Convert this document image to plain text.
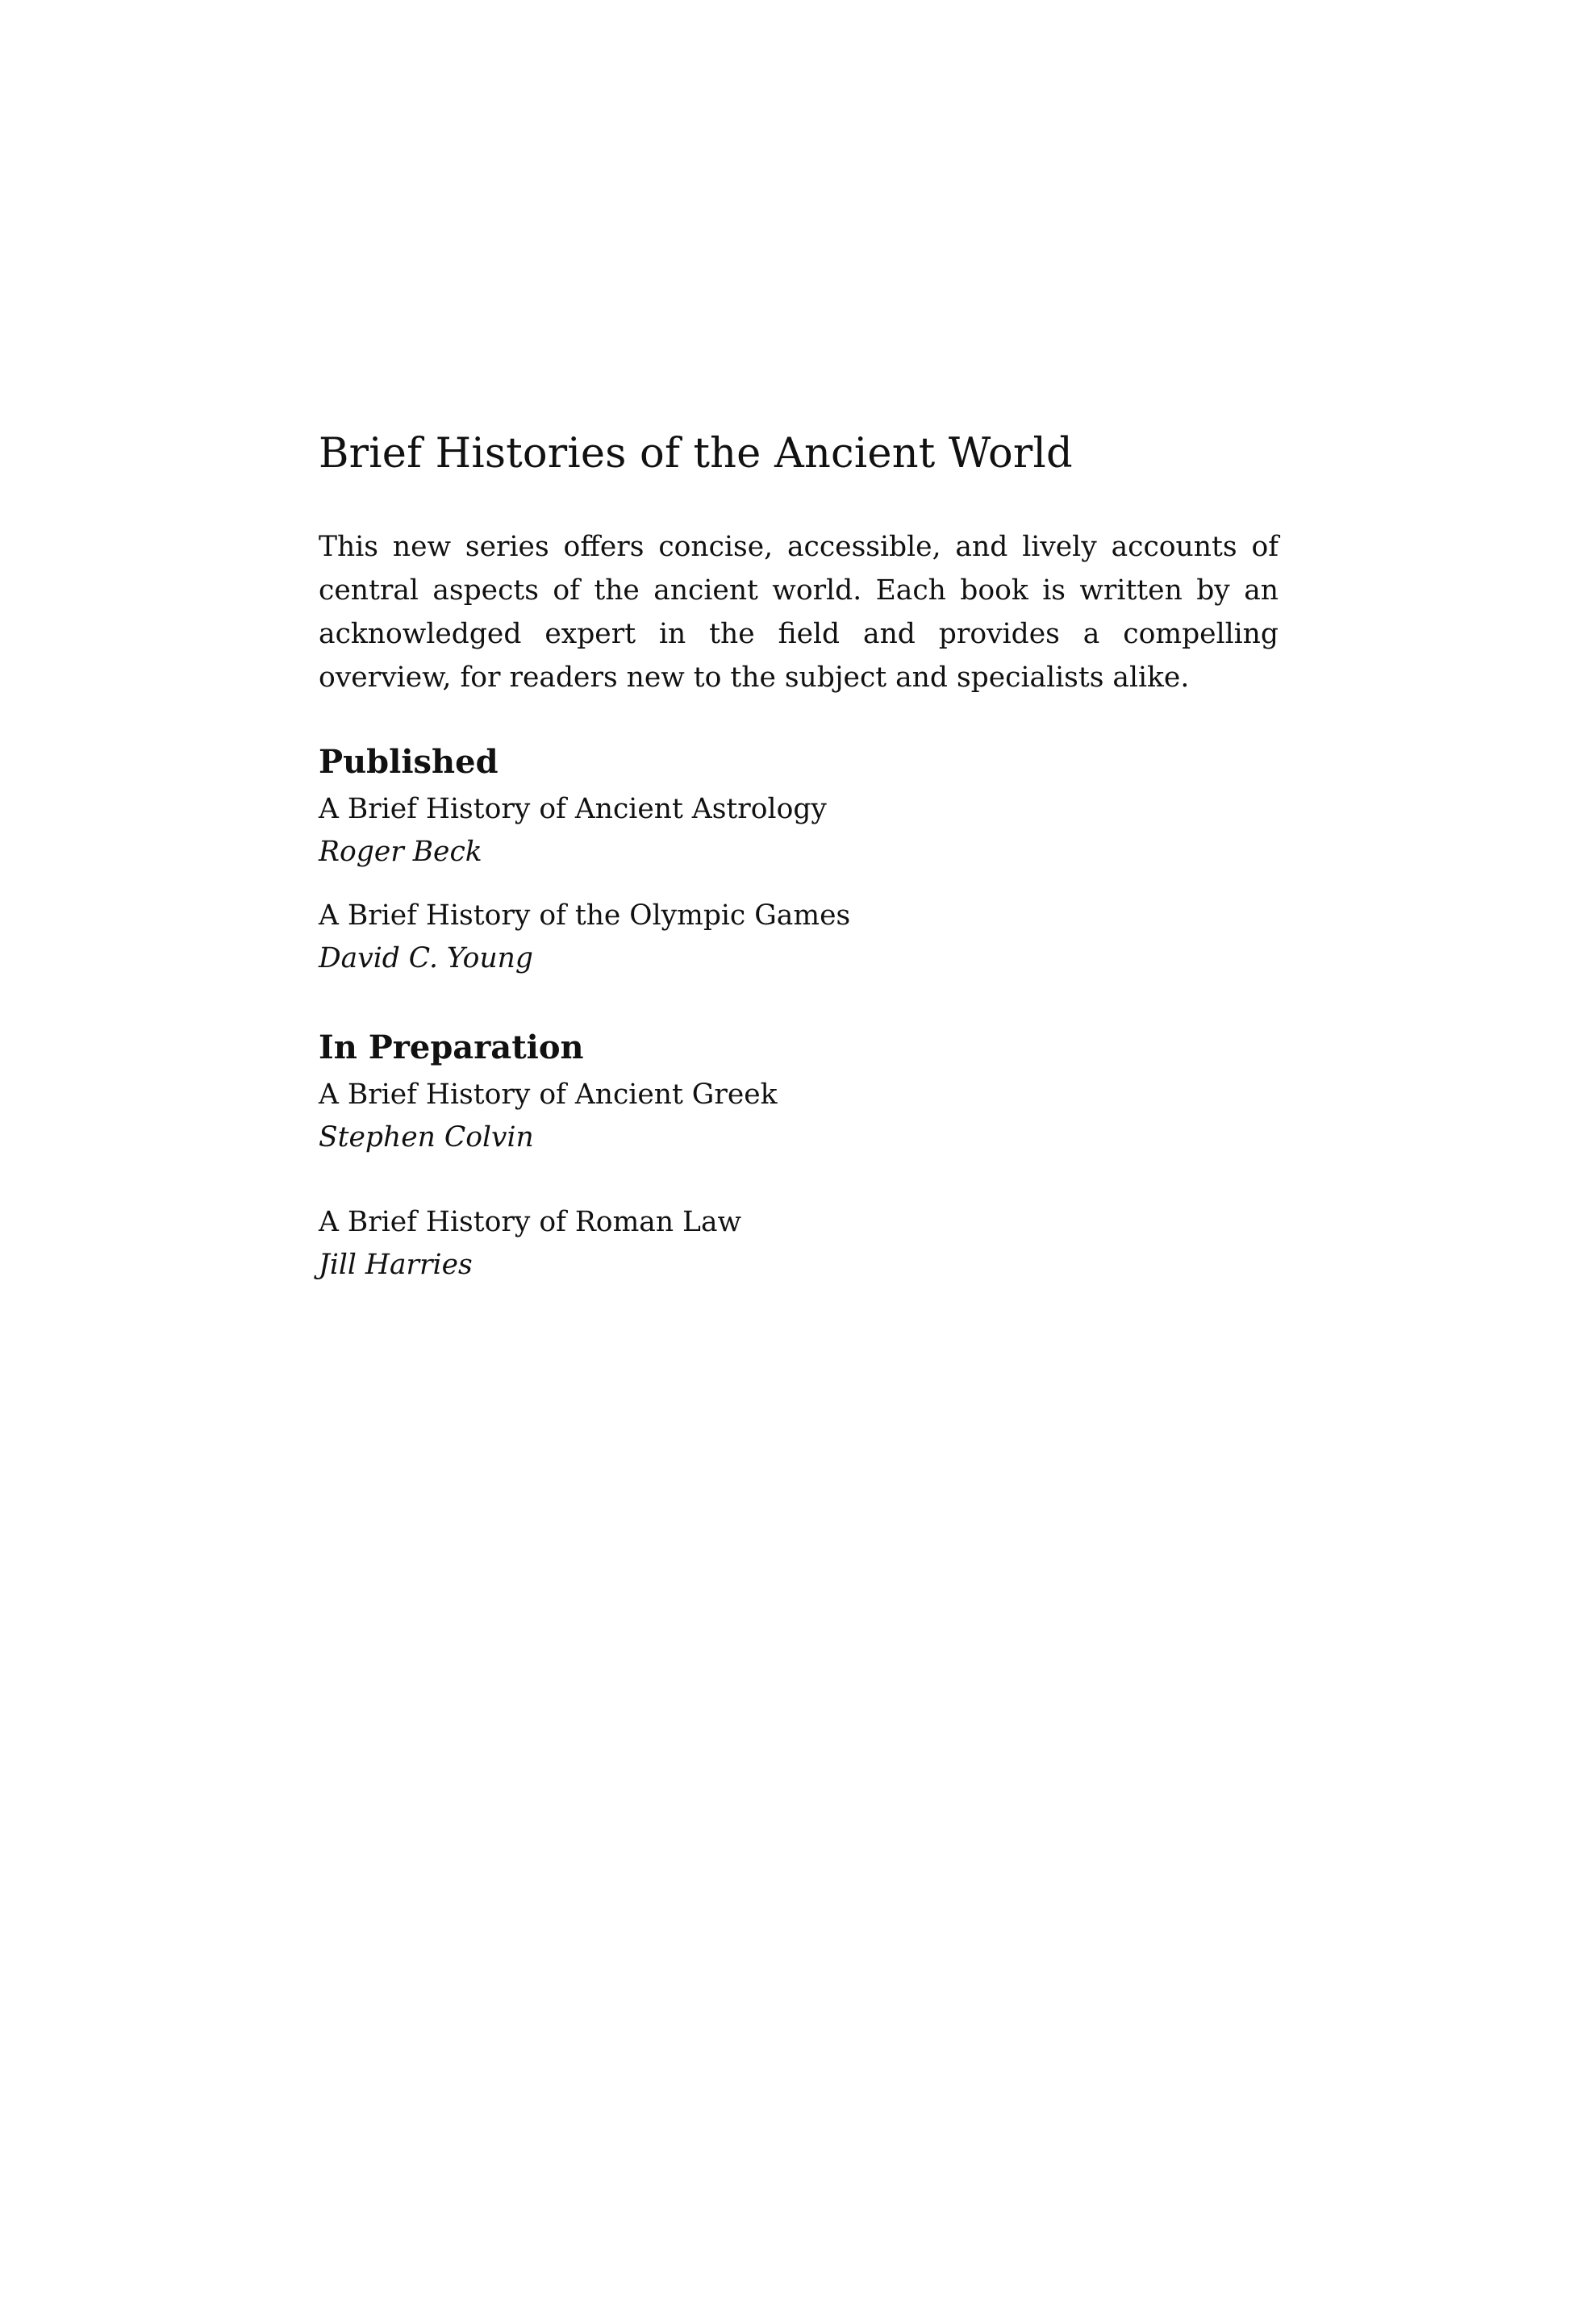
Brief Histories of the Ancient World

This new series offers concise, accessible, and lively accounts of central aspects of the ancient world. Each book is written by an acknowledged expert in the field and provides a compelling overview, for readers new to the subject and specialists alike.

Published
A Brief History of Ancient Astrology
Roger Beck
A Brief History of the Olympic Games
David C. Young
In Preparation
A Brief History of Ancient Greek
Stephen Colvin
A Brief History of Roman Law
Jill Harries
